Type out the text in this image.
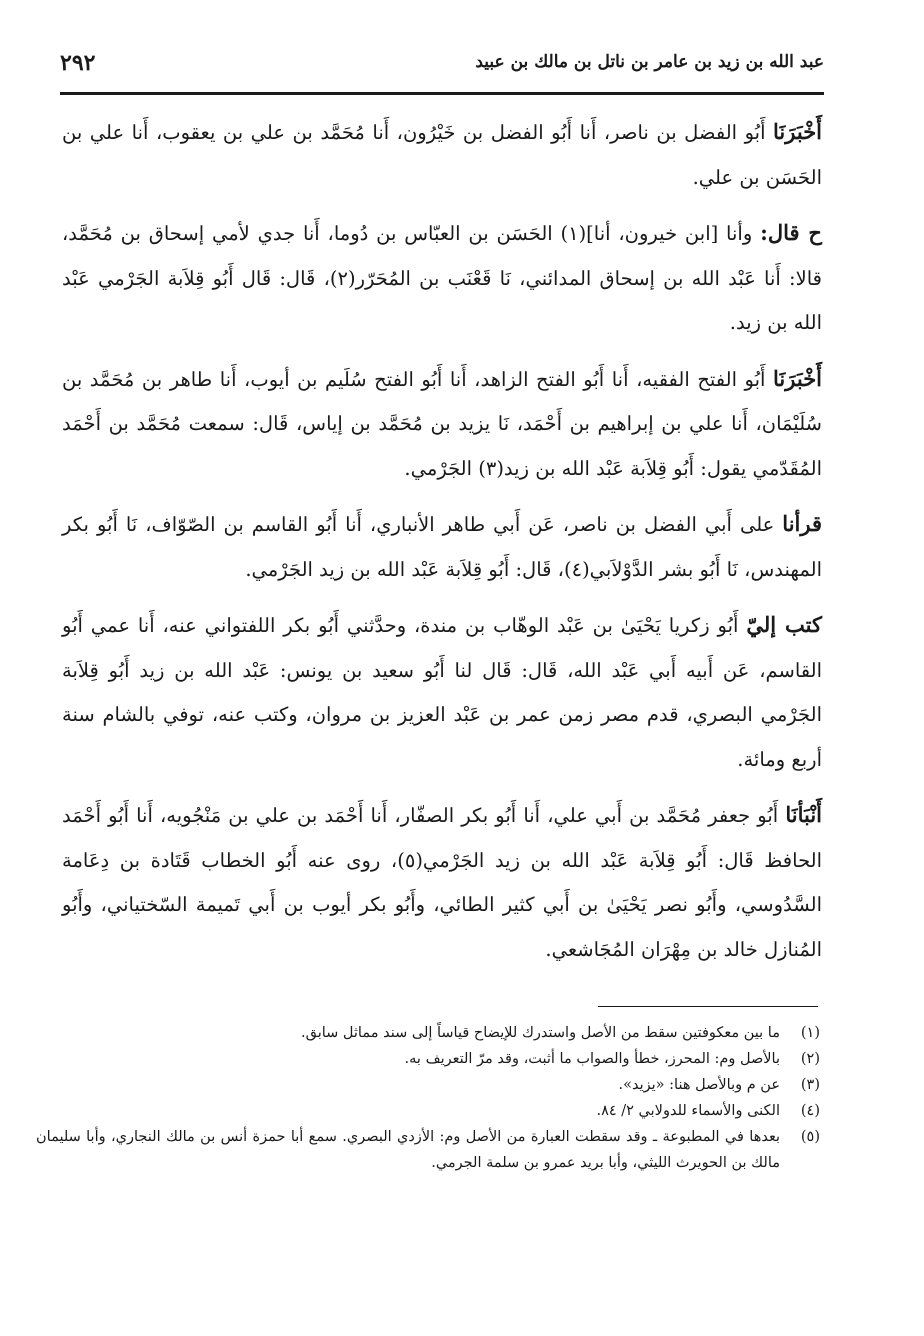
عبد الله بن زيد بن عامر بن ناتل بن مالك بن عبيد
٢٩٢

أَخْبَرَنَا أَبُو الفضل بن ناصر، أَنا أَبُو الفضل بن خَيْرُون، أَنا مُحَمَّد بن علي بن يعقوب، أَنا علي بن الحَسَن بن علي.

ح قال: وأنا [ابن خيرون، أنا](١) الحَسَن بن العبّاس بن دُوما، أَنا جدي لأمي إسحاق بن مُحَمَّد، قالا: أَنا عَبْد الله بن إسحاق المدائني، نَا قَعْنَب بن المُحَرّر(٢)، قَال: قَال أَبُو قِلاَبة الجَرْمي عَبْد الله بن زيد.

أَخْبَرَنَا أَبُو الفتح الفقيه، أَنا أَبُو الفتح الزاهد، أَنا أَبُو الفتح سُلَيم بن أيوب، أَنا طاهر بن مُحَمَّد بن سُلَيْمَان، أَنا علي بن إبراهيم بن أَحْمَد، نَا يزيد بن مُحَمَّد بن إياس، قَال: سمعت مُحَمَّد بن أَحْمَد المُقَدّمي يقول: أَبُو قِلاَبة عَبْد الله بن زيد(٣) الجَرْمي.

قرأنا على أَبي الفضل بن ناصر، عَن أَبي طاهر الأنباري، أَنا أَبُو القاسم بن الصّوّاف، نَا أَبُو بكر المهندس، نَا أَبُو بشر الدَّوْلاَبي(٤)، قَال: أَبُو قِلاَبة عَبْد الله بن زيد الجَرْمي.

كتب إليّ أَبُو زكريا يَحْيَىٰ بن عَبْد الوهّاب بن مندة، وحدَّثني أَبُو بكر اللفتواني عنه، أَنا عمي أَبُو القاسم، عَن أَبيه أَبي عَبْد الله، قَال: قَال لنا أَبُو سعيد بن يونس: عَبْد الله بن زيد أَبُو قِلاَبة الجَرْمي البصري، قدم مصر زمن عمر بن عَبْد العزيز بن مروان، وكتب عنه، توفي بالشام سنة أربع ومائة.

أَنْبَأنَا أَبُو جعفر مُحَمَّد بن أَبي علي، أَنا أَبُو بكر الصفّار، أَنا أَحْمَد بن علي بن مَنْجُويه، أَنا أَبُو أَحْمَد الحافظ قَال: أَبُو قِلاَبة عَبْد الله بن زيد الجَرْمي(٥)، روى عنه أَبُو الخطاب قَتَادة بن دِعَامة السَّدُوسي، وأَبُو نصر يَحْيَىٰ بن أَبي كثير الطائي، وأَبُو بكر أيوب بن أَبي تَميمة السّختياني، وأَبُو المُنازل خالد بن مِهْرَان المُجَاشعي.

(١)
ما بين معكوفتين سقط من الأصل واستدرك للإيضاح قياساً إلى سند مماثل سابق.
(٢)
بالأصل وم: المحرز، خطأ والصواب ما أثبت، وقد مرّ التعريف به.
(٣)
عن م وبالأصل هنا: «يزيد».
(٤)
الكنى والأسماء للدولابي ٢/ ٨٤.
(٥)
بعدها في المطبوعة ـ وقد سقطت العبارة من الأصل وم: الأزدي البصري. سمع أبا حمزة أنس بن مالك النجاري، وأبا سليمان مالك بن الحويرث الليثي، وأبا بريد عمرو بن سلمة الجرمي.
